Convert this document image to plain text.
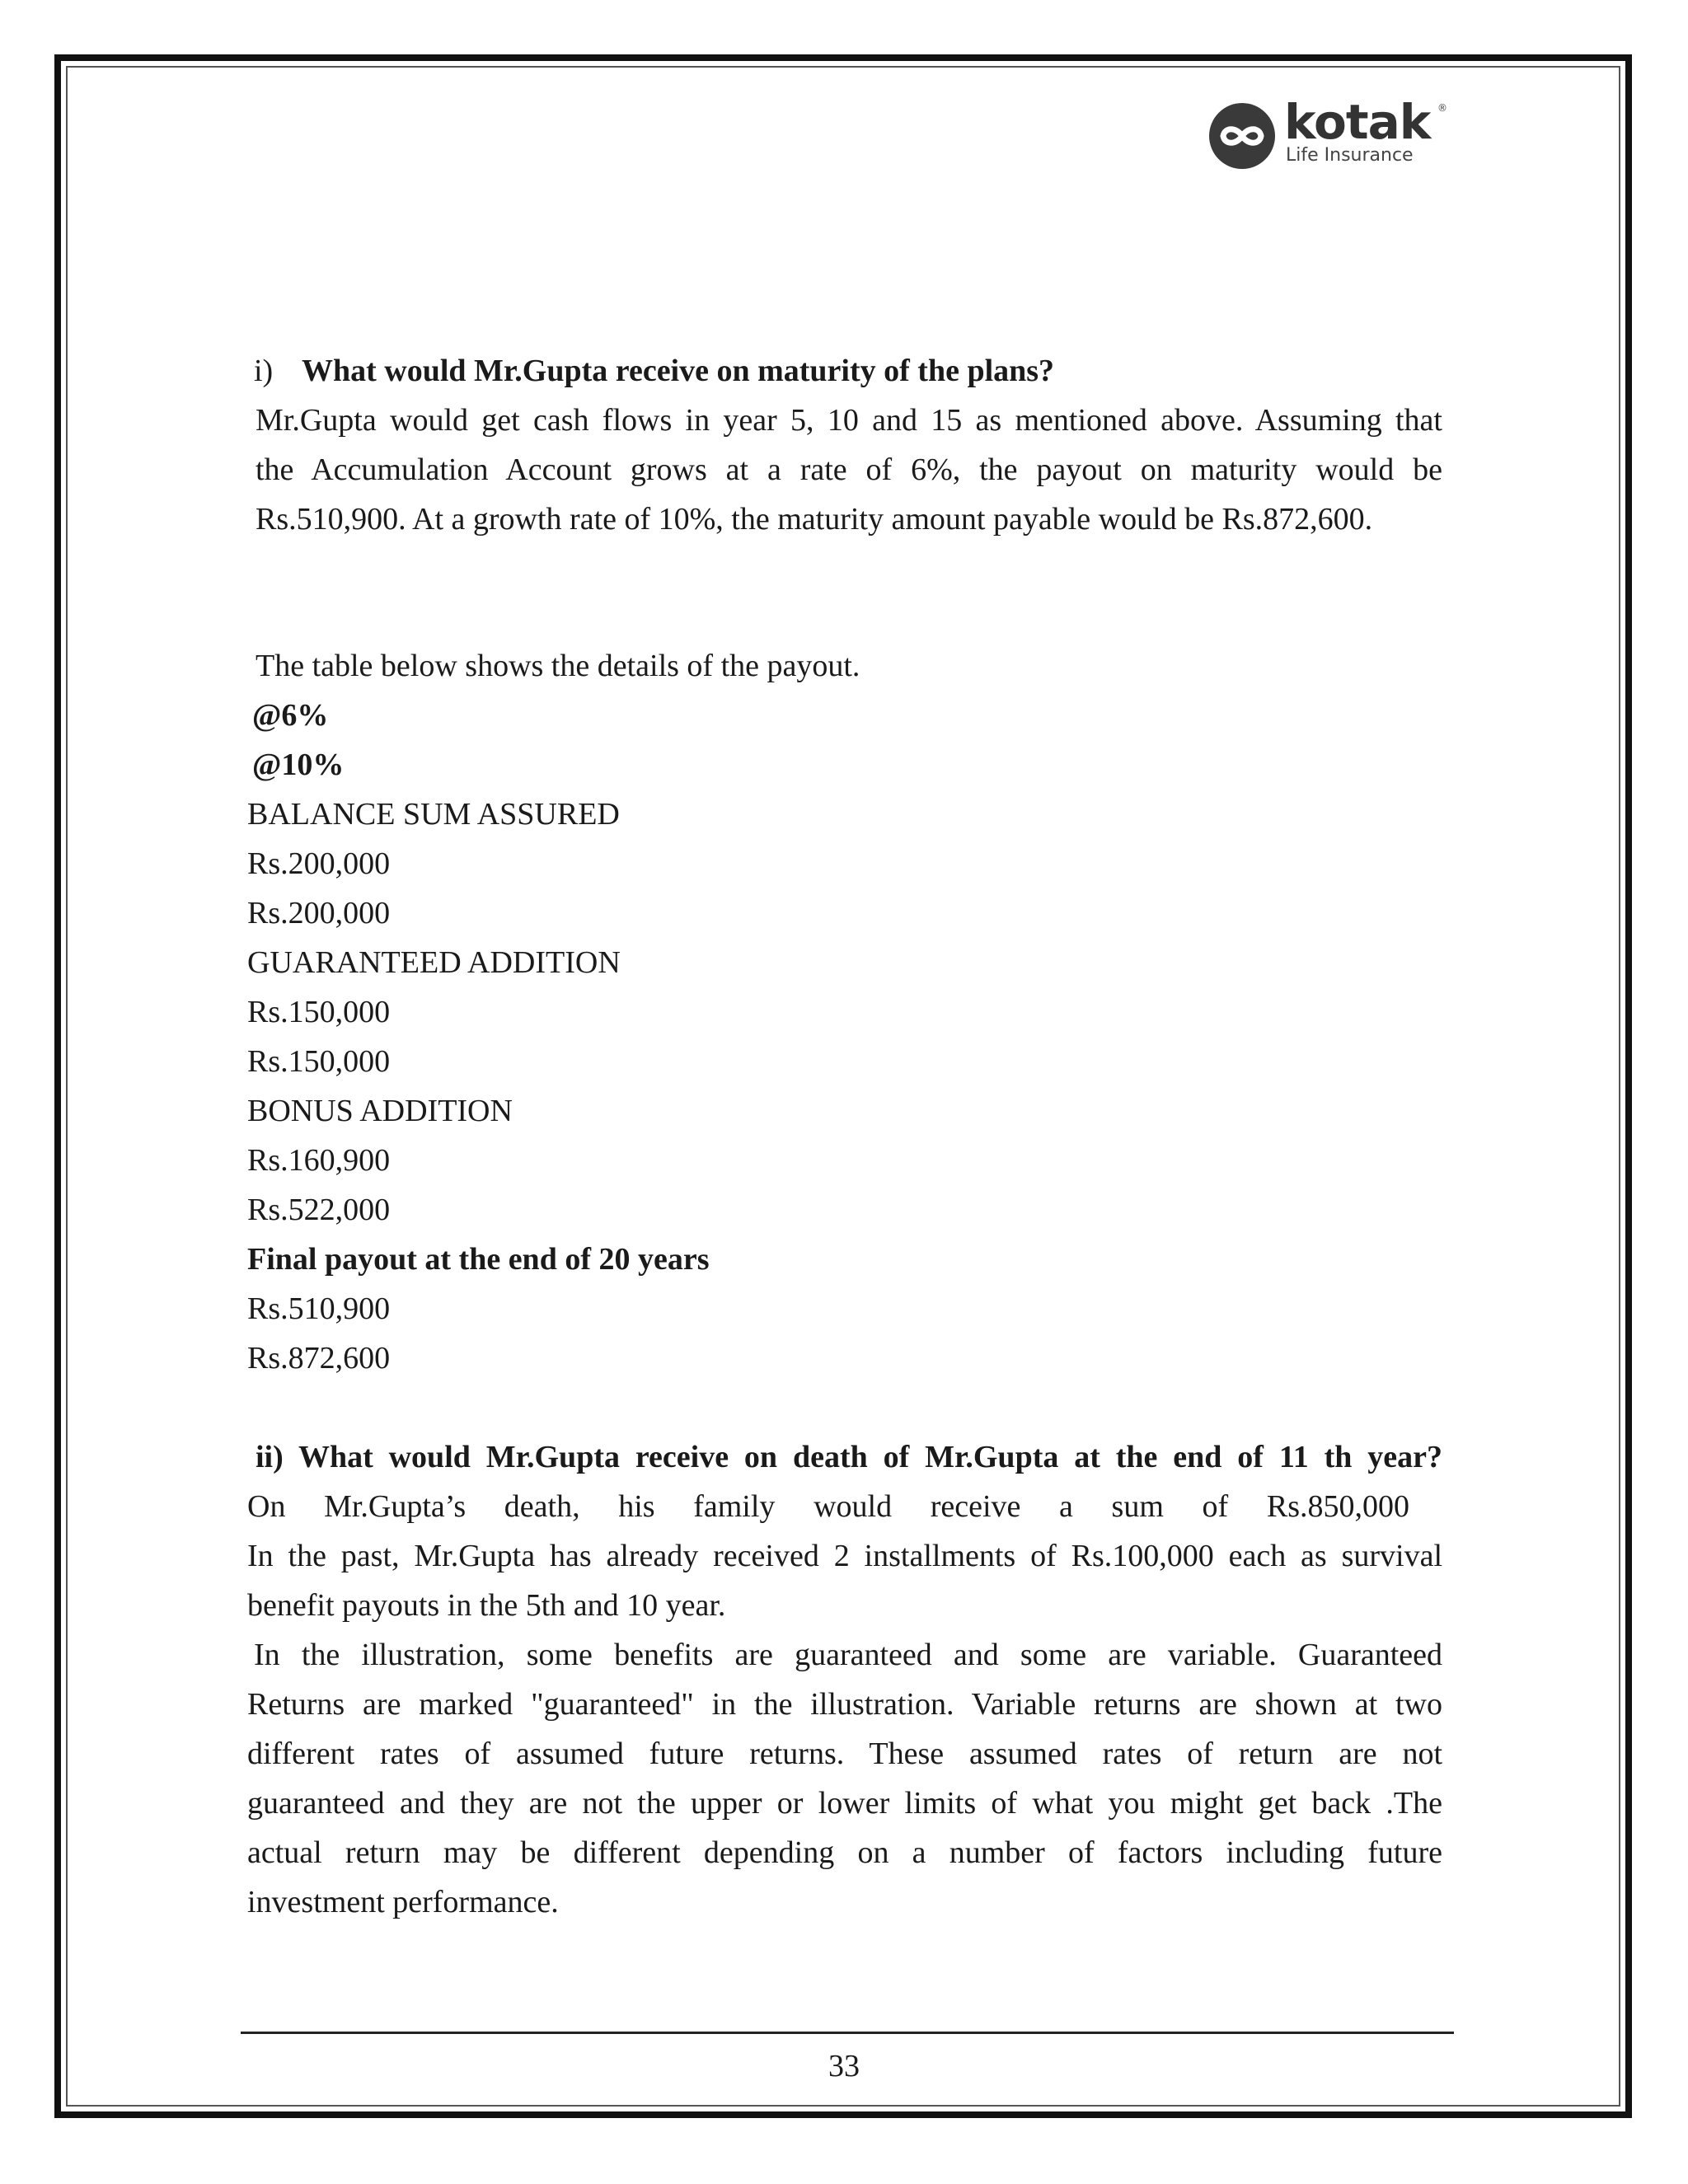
kotak ®
Life Insurance
i) What would Mr.Gupta receive on maturity of the plans?
Mr.Gupta would get cash flows in year 5, 10 and 15 as mentioned above. Assuming that
the Accumulation Account grows at a rate of 6%, the payout on maturity would be
Rs.510,900. At a growth rate of 10%, the maturity amount payable would be Rs.872,600.
The table below shows the details of the payout.
@6%
@10%
BALANCE SUM ASSURED
Rs.200,000
Rs.200,000
GUARANTEED ADDITION
Rs.150,000
Rs.150,000
BONUS ADDITION
Rs.160,900
Rs.522,000
Final payout at the end of 20 years
Rs.510,900
Rs.872,600
ii) What would Mr.Gupta receive on death of Mr.Gupta at the end of 11 th year?
On Mr.Gupta’s death, his family would receive a sum of Rs.850,000
In the past, Mr.Gupta has already received 2 installments of Rs.100,000 each as survival
benefit payouts in the 5th and 10 year.
In the illustration, some benefits are guaranteed and some are variable. Guaranteed
Returns are marked "guaranteed" in the illustration. Variable returns are shown at two
different rates of assumed future returns. These assumed rates of return are not
guaranteed and they are not the upper or lower limits of what you might get back .The
actual return may be different depending on a number of factors including future
investment performance.
33
